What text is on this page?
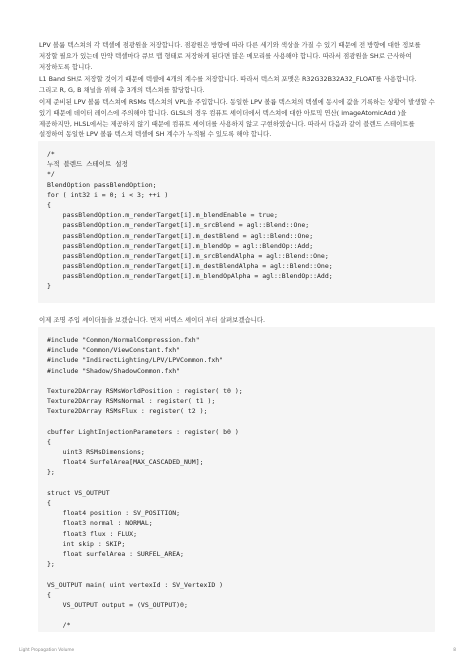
LPV 볼륨 텍스쳐의 각 텍셀에 점광원을 저장합니다. 점광원은 방향에 따라 다른 세기와 색상을 가질 수 있기 때문에 전 방향에 대한 정보를 저장할 필요가 있는데 만약 텍셀마다 큐브 맵 형태로 저장하게 된다면 많은 메모리를 사용해야 합니다. 따라서 점광원을 SH로 근사하여 저장하도록 합니다.

L1 Band SH로 저장할 것이기 때문에 텍셀에 4개의 계수를 저장합니다. 따라서 텍스쳐 포맷은 R32G32B32A32_FLOAT를 사용합니다. 그리고 R, G, B 채널을 위해 총 3개의 텍스쳐를 할당합니다.

이제 준비된 LPV 볼륨 텍스쳐에 RSMs 텍스쳐의 VPL을 주입합니다. 동일한 LPV 볼륨 텍스쳐의 텍셀에 동시에 값을 기록하는 상황이 발생할 수 있기 때문에 데이터 레이스에 주의해야 합니다. GLSL의 경우 컴퓨트 셰이더에서 텍스쳐에 대한 아토믹 연산( imageAtomicAdd )을 제공하지만, HLSL에서는 제공하지 않기 때문에 컴퓨트 셰이더를 사용하지 않고 구현하였습니다. 따라서 다음과 같이 블렌드 스테이트를 설정하여 동일한 LPV 볼륨 텍스쳐 텍셀에 SH 계수가 누적될 수 있도록 해야 합니다.

/*
누적 블렌드 스테이트 설정
*/
BlendOption passBlendOption;
for ( int32 i = 0; i < 3; ++i )
{
passBlendOption.m_renderTarget[i].m_blendEnable = true;
passBlendOption.m_renderTarget[i].m_srcBlend = agl::Blend::One;
passBlendOption.m_renderTarget[i].m_destBlend = agl::Blend::One;
passBlendOption.m_renderTarget[i].m_blendOp = agl::BlendOp::Add;
passBlendOption.m_renderTarget[i].m_srcBlendAlpha = agl::Blend::One;
passBlendOption.m_renderTarget[i].m_destBlendAlpha = agl::Blend::One;
passBlendOption.m_renderTarget[i].m_blendOpAlpha = agl::BlendOp::Add;
}

이제 조명 주입 셰이더들을 보겠습니다. 먼저 버텍스 셰이더 부터 살펴보겠습니다.

#include "Common/NormalCompression.fxh"
#include "Common/ViewConstant.fxh"
#include "IndirectLighting/LPV/LPVCommon.fxh"
#include "Shadow/ShadowCommon.fxh"
Texture2DArray RSMsWorldPosition : register( t0 );
Texture2DArray RSMsNormal : register( t1 );
Texture2DArray RSMsFlux : register( t2 );
cbuffer LightInjectionParameters : register( b0 )
{
uint3 RSMsDimensions;
float4 SurfelArea[MAX_CASCADED_NUM];
};
struct VS_OUTPUT
{
float4 position : SV_POSITION;
float3 normal : NORMAL;
float3 flux : FLUX;
int skip : SKIP;
float surfelArea : SURFEL_AREA;
};
VS_OUTPUT main( uint vertexId : SV_VertexID )
{
VS_OUTPUT output = (VS_OUTPUT)0;
/*
Light Propagation Volume	8
